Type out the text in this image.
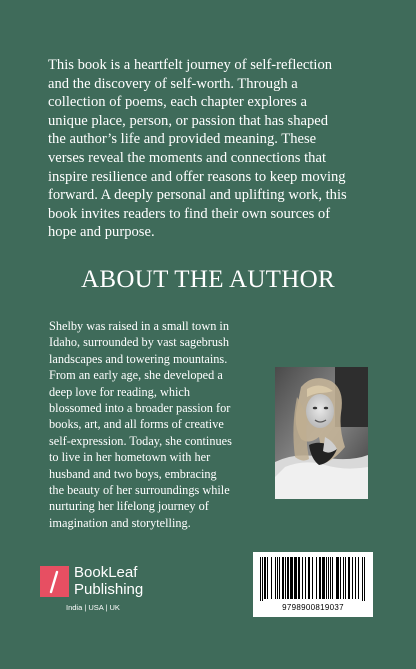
This book is a heartfelt journey of self-reflection
and the discovery of self-worth. Through a
collection of poems, each chapter explores a
unique place, person, or passion that has shaped
the author’s life and provided meaning. These
verses reveal the moments and connections that
inspire resilience and offer reasons to keep moving
forward. A deeply personal and uplifting work, this
book invites readers to find their own sources of
hope and purpose.
ABOUT THE AUTHOR
Shelby was raised in a small town in
Idaho, surrounded by vast sagebrush
landscapes and towering mountains.
From an early age, she developed a
deep love for reading, which
blossomed into a broader passion for
books, art, and all forms of creative
self-expression. Today, she continues
to live in her hometown with her
husband and two boys, embracing
the beauty of her surroundings while
nurturing her lifelong journey of
imagination and storytelling.
BookLeaf
Publishing
India | USA | UK	9798900819037
